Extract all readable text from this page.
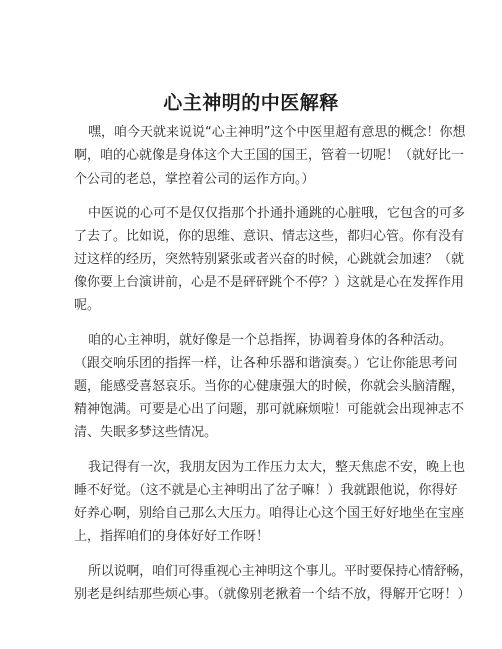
心主神明的中医解释
嘿，咱今天就来说说“心主神明”这个中医里超有意思的概念！你想
啊，咱的心就像是身体这个大王国的国王，管着一切呢！（就好比一
个公司的老总，掌控着公司的运作方向。）
中医说的心可不是仅仅指那个扑通扑通跳的心脏哦，它包含的可多
了去了。比如说，你的思维、意识、情志这些，都归心管。你有没有
过这样的经历，突然特别紧张或者兴奋的时候，心跳就会加速？（就
像你要上台演讲前，心是不是砰砰跳个不停？）这就是心在发挥作用
呢。
咱的心主神明，就好像是一个总指挥，协调着身体的各种活动。
（跟交响乐团的指挥一样，让各种乐器和谐演奏。）它让你能思考问
题，能感受喜怒哀乐。当你的心健康强大的时候，你就会头脑清醒，
精神饱满。可要是心出了问题，那可就麻烦啦！可能就会出现神志不
清、失眠多梦这些情况。
我记得有一次，我朋友因为工作压力太大，整天焦虑不安，晚上也
睡不好觉。（这不就是心主神明出了岔子嘛！）我就跟他说，你得好
好养心啊，别给自己那么大压力。咱得让心这个国王好好地坐在宝座
上，指挥咱们的身体好好工作呀！
所以说啊，咱们可得重视心主神明这个事儿。平时要保持心情舒畅，
别老是纠结那些烦心事。（就像别老揪着一个结不放，得解开它呀！）
